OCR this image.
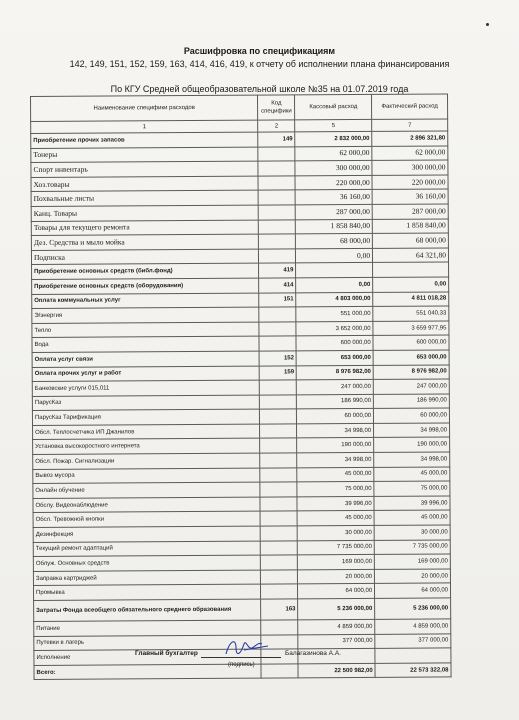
Расшифровка по спецификациям
142, 149, 151, 152, 159, 163, 414, 416, 419, к отчету об исполнении плана финансирования
По КГУ Средней общеобразовательной школе №35 на 01.07.2019 года
Наименование специфики расходов	Код специфики	Кассовый расход	Фактический расход
1	2	5	7
Приобретение прочих запасов	149	2 832 000,00	2 896 321,80
Тонеры		62 000,00	62 000,00
Спорт инвентарь		300 000,00	300 000,00
Хоз.товары		220 000,00	220 000,00
Похвальные листы		36 160,00	36 160,00
Канц. Товары		287 000,00	287 000,00
Товары для текущего ремонта		1 858 840,00	1 858 840,00
Дез. Средства и мыло мойка		68 000,00	68 000,00
Подписка		0,00	64 321,80
Приобретение основных средств (библ.фонд)	419		
Приобретение основных средств (оборудования)	414	0,00	0,00
Оплата коммунальных услуг	151	4 803 000,00	4 811 018,28
Э/энергия		551 000,00	551 040,33
Тепло		3 652 000,00	3 659 977,95
Вода		600 000,00	600 000,00
Оплата услуг связи	152	653 000,00	653 000,00
Оплата прочих услуг и работ	159	8 976 982,00	8 976 982,00
Банковские услуги 015,011		247 000,00	247 000,00
ПарусКаз		186 990,00	186 990,00
ПарусКаз Тарификация		60 000,00	60 000,00
Обсл. Теплосчетчика ИП Джанилов		34 998,00	34 998,00
Установка высокоростного интернета		190 000,00	190 000,00
Обсл. Пожар. Сигнализации		34 998,00	34 998,00
Вывоз мусора		45 000,00	45 000,00
Онлайн обучение		75 000,00	75 000,00
Обслу. Видеонаблюдение		39 996,00	39 996,00
Обсл. Тревожной кнопки		45 000,00	45 000,00
Дезинфекция		30 000,00	30 000,00
Текущий ремонт адаптаций		7 735 000,00	7 735 000,00
Облуж. Основных средств		169 000,00	169 000,00
Заправка картриджей		20 000,00	20 000,00
Промывка		64 000,00	64 000,00
Затраты Фонда всеобщего обязательного среднего образования	163	5 236 000,00	5 236 000,00
Питание		4 859 000,00	4 859 000,00
Путевки в лагерь		377 000,00	377 000,00
Исполнение			
Всего:		22 500 982,00	22 573 322,08
Главный бухгалтер	Балагазинова А.А.
(подпись)
